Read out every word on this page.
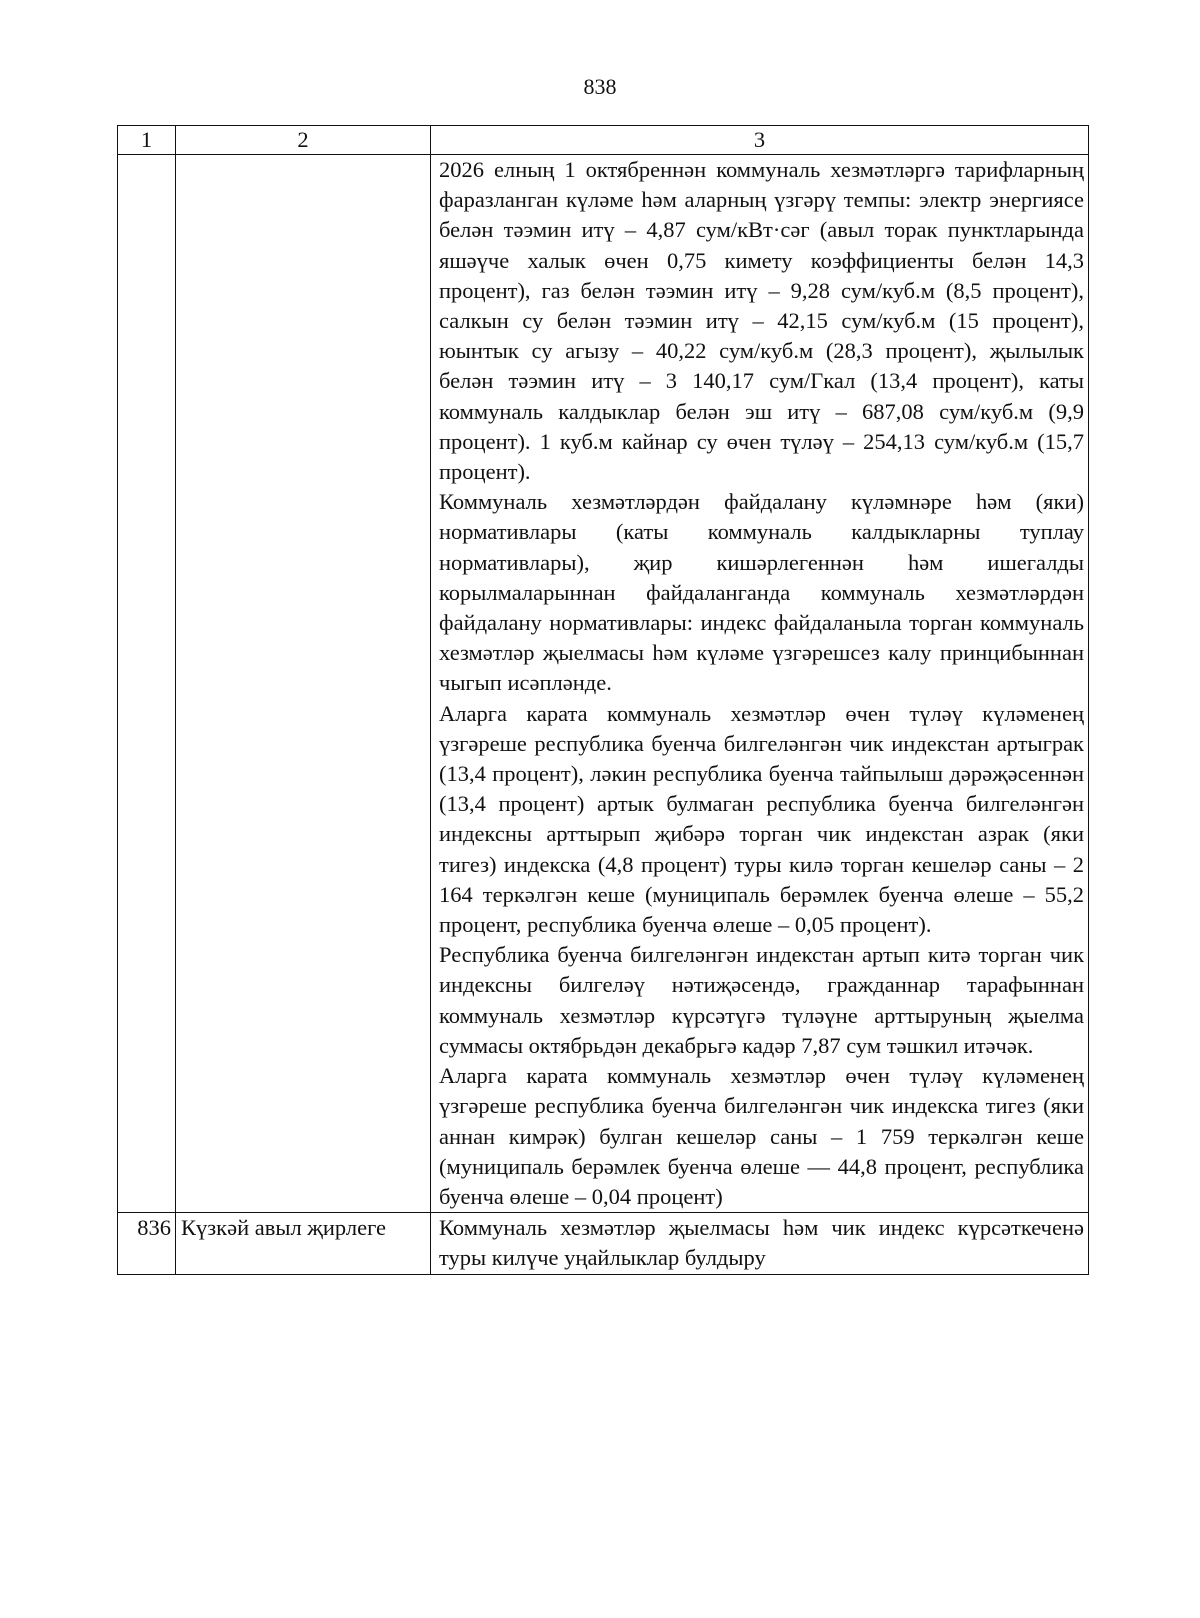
838
1	2	3

		2026 елның 1 октябреннән коммуналь хезмәтләргә тарифларның фаразланган күләме һәм аларның үзгәрү темпы: электр энергиясе белән тәэмин итү – 4,87 сум/кВт·сәг (авыл торак пунктларында яшәүче халык өчен 0,75 кимету коэффициенты белән 14,3 процент), газ белән тәэмин итү – 9,28 сум/куб.м (8,5 процент), салкын су белән тәэмин итү – 42,15 сум/куб.м (15 процент), юынтык су агызу – 40,22 сум/куб.м (28,3 процент), җылылык белән тәэмин итү – 3 140,17 сум/Гкал (13,4 процент), каты коммуналь калдыклар белән эш итү – 687,08 сум/куб.м (9,9 процент). 1 куб.м кайнар су өчен түләү – 254,13 сум/куб.м (15,7 процент).

Коммуналь хезмәтләрдән файдалану күләмнәре һәм (яки) нормативлары (каты коммуналь калдыкларны туплау нормативлары), җир кишәрлегеннән һәм ишегалды корылмаларыннан файдаланганда коммуналь хезмәтләрдән файдалану нормативлары: индекс файдаланыла торган коммуналь хезмәтләр җыелмасы һәм күләме үзгәрешсез калу принцибыннан чыгып исәпләнде.

Аларга карата коммуналь хезмәтләр өчен түләү күләменең үзгәреше республика буенча билгеләнгән чик индекстан артыграк (13,4 процент), ләкин республика буенча тайпылыш дәрәҗәсеннән (13,4 процент) артык булмаган республика буенча билгеләнгән индексны арттырып җибәрә торган чик индекстан азрак (яки тигез) индекска (4,8 процент) туры килә торган кешеләр саны – 2 164 теркәлгән кеше (муниципаль берәмлек буенча өлеше – 55,2 процент, республика буенча өлеше – 0,05 процент).

Республика буенча билгеләнгән индекстан артып китә торган чик индексны билгеләү нәтиҗәсендә, гражданнар тарафыннан коммуналь хезмәтләр күрсәтүгә түләүне арттыруның җыелма суммасы октябрьдән декабрьгә кадәр 7,87 сум тәшкил итәчәк.

Аларга карата коммуналь хезмәтләр өчен түләү күләменең үзгәреше республика буенча билгеләнгән чик индекска тигез (яки аннан кимрәк) булган кешеләр саны – 1 759 теркәлгән кеше (муниципаль берәмлек буенча өлеше — 44,8 процент, республика буенча өлеше – 0,04 процент)

836	Күзкәй авыл җирлеге	Коммуналь хезмәтләр җыелмасы һәм чик индекс күрсәткеченә туры килүче уңайлыклар булдыру
